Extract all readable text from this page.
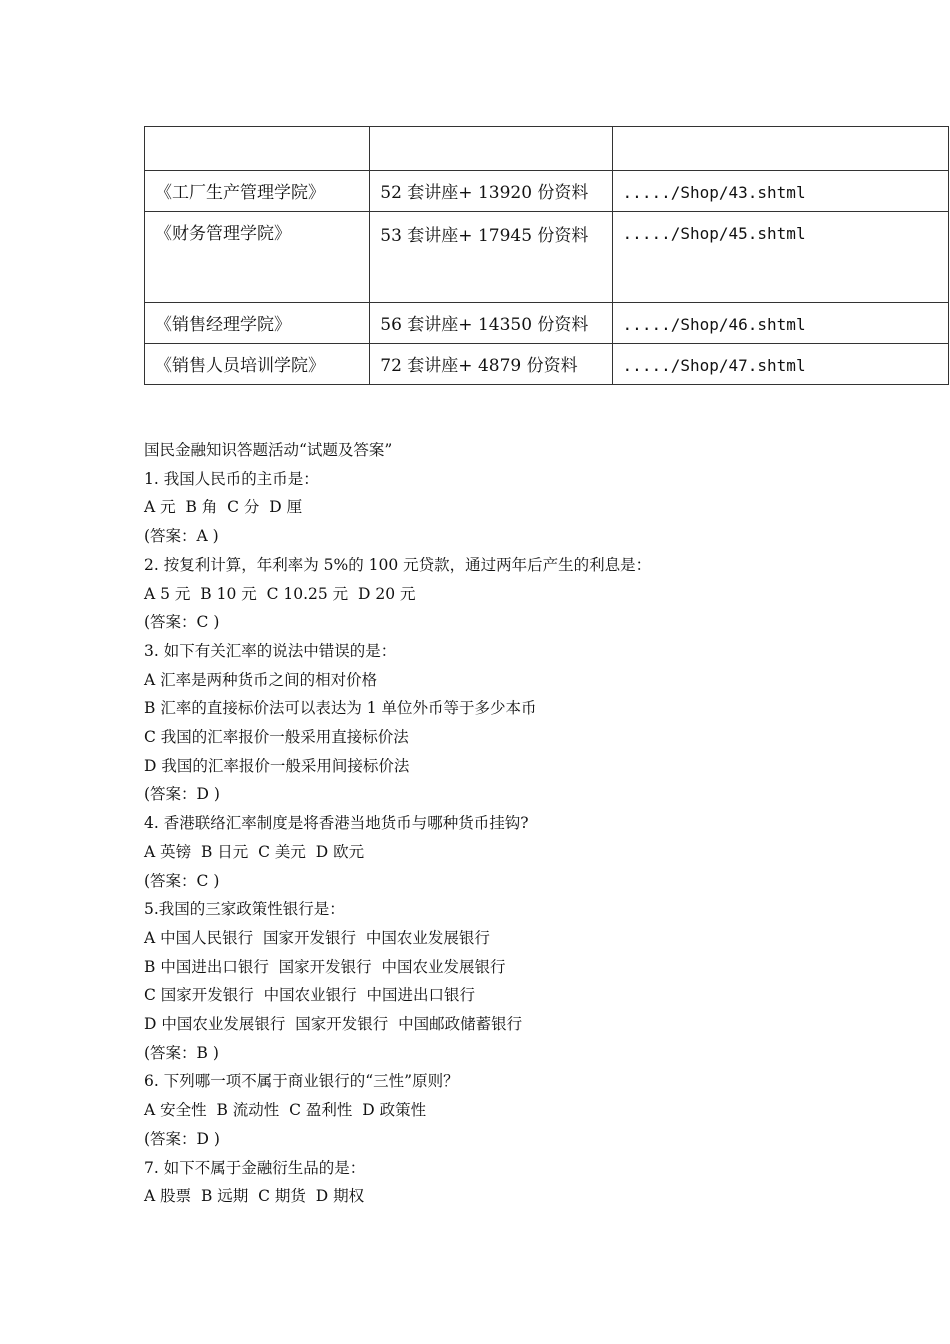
《工厂生产管理学院》	52 套讲座+ 13920 份资料	...../Shop/43.shtml
《财务管理学院》	53 套讲座+ 17945 份资料	...../Shop/45.shtml
《销售经理学院》	56 套讲座+ 14350 份资料	...../Shop/46.shtml
《销售人员培训学院》	72 套讲座+ 4879 份资料	...../Shop/47.shtml

国民金融知识答题活动“试题及答案”

1. 我国人民币的主币是：

A 元  B 角  C 分  D 厘

(答案：A )

2. 按复利计算，年利率为 5%的 100 元贷款，通过两年后产生的利息是：

A 5 元  B 10 元  C 10.25 元  D 20 元

(答案：C )

3. 如下有关汇率的说法中错误的是：

A 汇率是两种货币之间的相对价格

B 汇率的直接标价法可以表达为 1 单位外币等于多少本币

C 我国的汇率报价一般采用直接标价法

D 我国的汇率报价一般采用间接标价法

(答案：D )

4. 香港联络汇率制度是将香港当地货币与哪种货币挂钩?

A 英镑  B 日元  C 美元  D 欧元

(答案：C )

5.我国的三家政策性银行是：

A 中国人民银行  国家开发银行  中国农业发展银行

B 中国进出口银行  国家开发银行  中国农业发展银行

C 国家开发银行  中国农业银行  中国进出口银行

D 中国农业发展银行  国家开发银行  中国邮政储蓄银行

(答案：B )

6. 下列哪一项不属于商业银行的“三性”原则？

A 安全性  B 流动性  C 盈利性  D 政策性

(答案：D )

7. 如下不属于金融衍生品的是：

A 股票  B 远期  C 期货  D 期权
